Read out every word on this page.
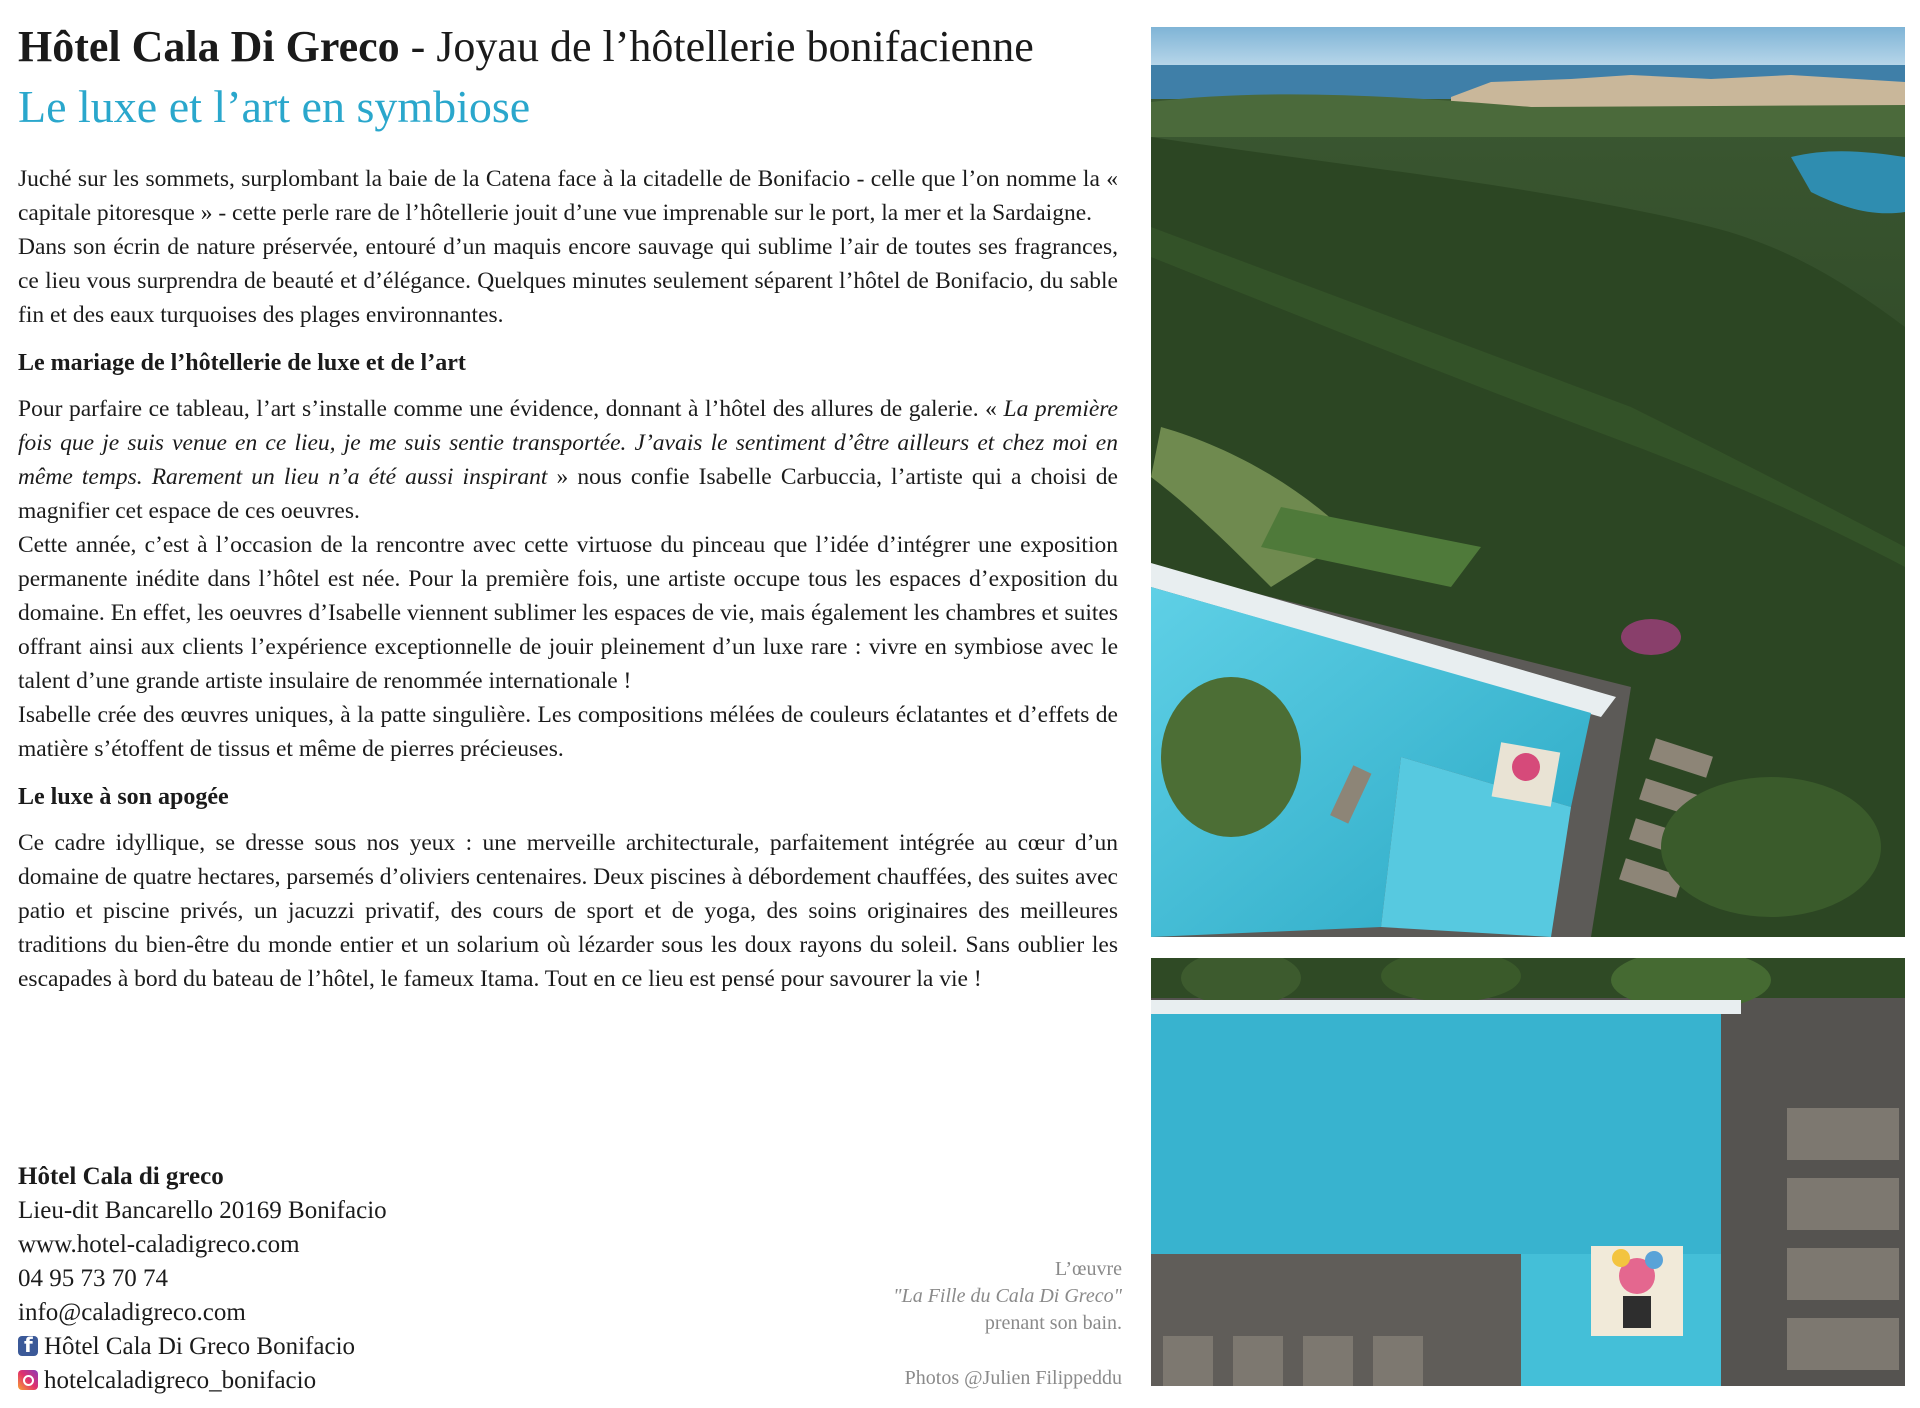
Hôtel Cala Di Greco - Joyau de l’hôtellerie bonifacienne
Le luxe et l’art en symbiose

Juché sur les sommets, surplombant la baie de la Catena face à la citadelle de Bonifacio - celle que l’on nomme la « capitale pitoresque » - cette perle rare de l’hôtellerie jouit d’une vue imprenable sur le port, la mer et la Sardaigne.

Dans son écrin de nature préservée, entouré d’un maquis encore sauvage qui sublime l’air de toutes ses fragrances, ce lieu vous surprendra de beauté et d’élégance. Quelques minutes seulement séparent l’hôtel de Bonifacio, du sable fin et des eaux turquoises des plages environnantes.

Le mariage de l’hôtellerie de luxe et de l’art

Pour parfaire ce tableau, l’art s’installe comme une évidence, donnant à l’hôtel des allures de galerie. « La première fois que je suis venue en ce lieu, je me suis sentie transportée. J’avais le sentiment d’être ailleurs et chez moi en même temps. Rarement un lieu n’a été aussi inspirant » nous confie Isabelle Carbuccia, l’artiste qui a choisi de magnifier cet espace de ces oeuvres.

Cette année, c’est à l’occasion de la rencontre avec cette virtuose du pinceau que l’idée d’intégrer une exposition permanente inédite dans l’hôtel est née. Pour la première fois, une artiste occupe tous les espaces d’exposition du domaine. En effet, les oeuvres d’Isabelle viennent sublimer les espaces de vie, mais également les chambres et suites offrant ainsi aux clients l’expérience exceptionnelle de jouir pleinement d’un luxe rare : vivre en symbiose avec le talent d’une grande artiste insulaire de renommée internationale !

Isabelle crée des œuvres uniques, à la patte singulière. Les compositions mélées de couleurs éclatantes et d’effets de matière s’étoffent de tissus et même de pierres précieuses.

Le luxe à son apogée

Ce cadre idyllique, se dresse sous nos yeux : une merveille architecturale, parfaitement intégrée au cœur d’un domaine de quatre hectares, parsemés d’oliviers centenaires. Deux piscines à débordement chauffées, des suites avec patio et piscine privés, un jacuzzi privatif, des cours de sport et de yoga, des soins originaires des meilleures traditions du bien-être du monde entier et un solarium où lézarder sous les doux rayons du soleil. Sans oublier les escapades à bord du bateau de l’hôtel, le fameux Itama. Tout en ce lieu est pensé pour savourer la vie !

Hôtel Cala di greco
Lieu-dit Bancarello 20169 Bonifacio
www.hotel-caladigreco.com
04 95 73 70 74
info@caladigreco.com
fHôtel Cala Di Greco Bonifacio
hotelcaladigreco_bonifacio
L’œuvre
"La Fille du Cala Di Greco"
prenant son bain.
Photos @Julien Filippeddu
